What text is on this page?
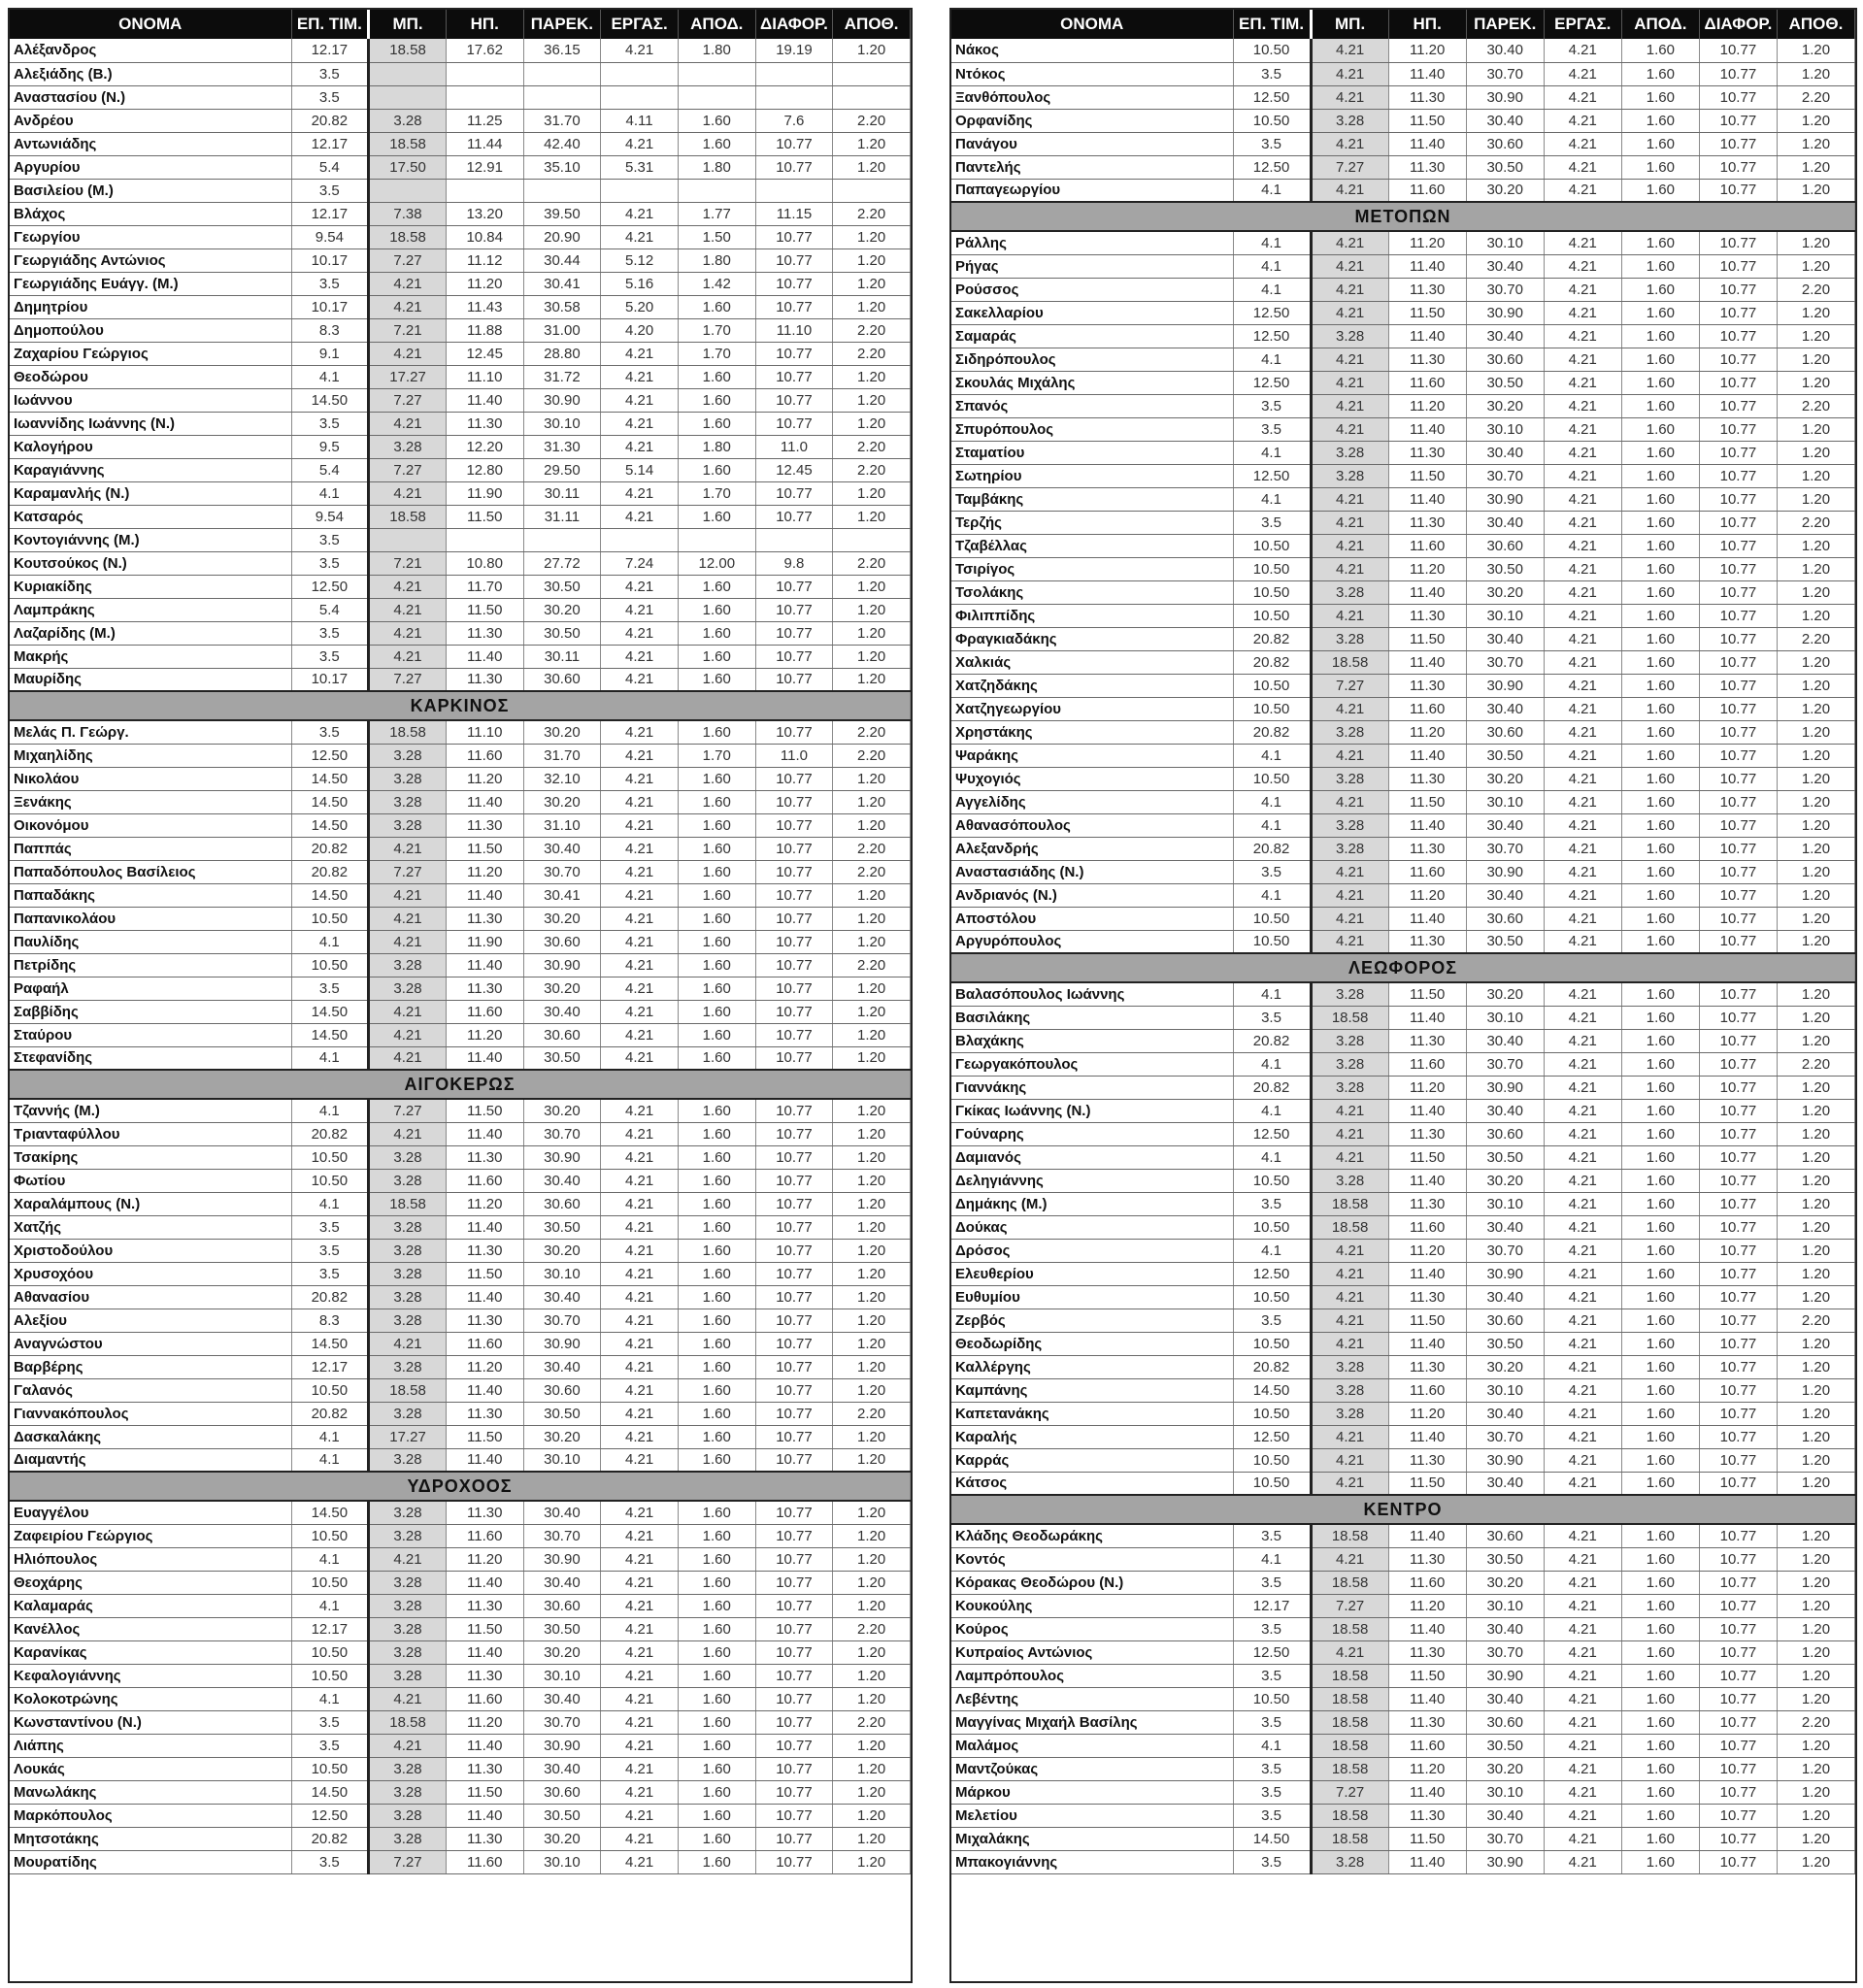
ΟΝΟΜΑ	ΕΠ. ΤΙΜ.	ΜΠ.	ΗΠ.	ΠΑΡΕΚ.	ΕΡΓΑΣ.	ΑΠΟΔ.	ΔΙΑΦΟΡ.	ΑΠΟΘ.
Αλέξανδρος	12.17	18.58	17.62	36.15	4.21	1.80	19.19	1.20
Αλεξιάδης (Β.)	3.5							
Αναστασίου (Ν.)	3.5							
Ανδρέου	20.82	3.28	11.25	31.70	4.11	1.60	7.6	2.20
Αντωνιάδης	12.17	18.58	11.44	42.40	4.21	1.60	10.77	1.20
Αργυρίου	5.4	17.50	12.91	35.10	5.31	1.80	10.77	1.20
Βασιλείου (Μ.)	3.5							
Βλάχος	12.17	7.38	13.20	39.50	4.21	1.77	11.15	2.20
Γεωργίου	9.54	18.58	10.84	20.90	4.21	1.50	10.77	1.20
Γεωργιάδης Αντώνιος	10.17	7.27	11.12	30.44	5.12	1.80	10.77	1.20
Γεωργιάδης Ευάγγ. (Μ.)	3.5	4.21	11.20	30.41	5.16	1.42	10.77	1.20
Δημητρίου	10.17	4.21	11.43	30.58	5.20	1.60	10.77	1.20
Δημοπούλου	8.3	7.21	11.88	31.00	4.20	1.70	11.10	2.20
Ζαχαρίου Γεώργιος	9.1	4.21	12.45	28.80	4.21	1.70	10.77	2.20
Θεοδώρου	4.1	17.27	11.10	31.72	4.21	1.60	10.77	1.20
Ιωάννου	14.50	7.27	11.40	30.90	4.21	1.60	10.77	1.20
Ιωαννίδης Ιωάννης (Ν.)	3.5	4.21	11.30	30.10	4.21	1.60	10.77	1.20
Καλογήρου	9.5	3.28	12.20	31.30	4.21	1.80	11.0	2.20
Καραγιάννης	5.4	7.27	12.80	29.50	5.14	1.60	12.45	2.20
Καραμανλής (Ν.)	4.1	4.21	11.90	30.11	4.21	1.70	10.77	1.20
Κατσαρός	9.54	18.58	11.50	31.11	4.21	1.60	10.77	1.20
Κοντογιάννης (Μ.)	3.5							
Κουτσούκος (Ν.)	3.5	7.21	10.80	27.72	7.24	12.00	9.8	2.20
Κυριακίδης	12.50	4.21	11.70	30.50	4.21	1.60	10.77	1.20
Λαμπράκης	5.4	4.21	11.50	30.20	4.21	1.60	10.77	1.20
Λαζαρίδης (Μ.)	3.5	4.21	11.30	30.50	4.21	1.60	10.77	1.20
Μακρής	3.5	4.21	11.40	30.11	4.21	1.60	10.77	1.20
Μαυρίδης	10.17	7.27	11.30	30.60	4.21	1.60	10.77	1.20
ΚΑΡΚΙΝΟΣ								
Μελάς Π. Γεώργ.	3.5	18.58	11.10	30.20	4.21	1.60	10.77	2.20
Μιχαηλίδης	12.50	3.28	11.60	31.70	4.21	1.70	11.0	2.20
Νικολάου	14.50	3.28	11.20	32.10	4.21	1.60	10.77	1.20
Ξενάκης	14.50	3.28	11.40	30.20	4.21	1.60	10.77	1.20
Οικονόμου	14.50	3.28	11.30	31.10	4.21	1.60	10.77	1.20
Παππάς	20.82	4.21	11.50	30.40	4.21	1.60	10.77	2.20
Παπαδόπουλος Βασίλειος	20.82	7.27	11.20	30.70	4.21	1.60	10.77	2.20
Παπαδάκης	14.50	4.21	11.40	30.41	4.21	1.60	10.77	1.20
Παπανικολάου	10.50	4.21	11.30	30.20	4.21	1.60	10.77	1.20
Παυλίδης	4.1	4.21	11.90	30.60	4.21	1.60	10.77	1.20
Πετρίδης	10.50	3.28	11.40	30.90	4.21	1.60	10.77	2.20
Ραφαήλ	3.5	3.28	11.30	30.20	4.21	1.60	10.77	1.20
Σαββίδης	14.50	4.21	11.60	30.40	4.21	1.60	10.77	1.20
Σταύρου	14.50	4.21	11.20	30.60	4.21	1.60	10.77	1.20
Στεφανίδης	4.1	4.21	11.40	30.50	4.21	1.60	10.77	1.20
ΑΙΓΟΚΕΡΩΣ								
Τζαννής (Μ.)	4.1	7.27	11.50	30.20	4.21	1.60	10.77	1.20
Τριανταφύλλου	20.82	4.21	11.40	30.70	4.21	1.60	10.77	1.20
Τσακίρης	10.50	3.28	11.30	30.90	4.21	1.60	10.77	1.20
Φωτίου	10.50	3.28	11.60	30.40	4.21	1.60	10.77	1.20
Χαραλάμπους (Ν.)	4.1	18.58	11.20	30.60	4.21	1.60	10.77	1.20
Χατζής	3.5	3.28	11.40	30.50	4.21	1.60	10.77	1.20
Χριστοδούλου	3.5	3.28	11.30	30.20	4.21	1.60	10.77	1.20
Χρυσοχόου	3.5	3.28	11.50	30.10	4.21	1.60	10.77	1.20
Αθανασίου	20.82	3.28	11.40	30.40	4.21	1.60	10.77	1.20
Αλεξίου	8.3	3.28	11.30	30.70	4.21	1.60	10.77	1.20
Αναγνώστου	14.50	4.21	11.60	30.90	4.21	1.60	10.77	1.20
Βαρβέρης	12.17	3.28	11.20	30.40	4.21	1.60	10.77	1.20
Γαλανός	10.50	18.58	11.40	30.60	4.21	1.60	10.77	1.20
Γιαννακόπουλος	20.82	3.28	11.30	30.50	4.21	1.60	10.77	2.20
Δασκαλάκης	4.1	17.27	11.50	30.20	4.21	1.60	10.77	1.20
Διαμαντής	4.1	3.28	11.40	30.10	4.21	1.60	10.77	1.20
ΥΔΡΟΧΟΟΣ								
Ευαγγέλου	14.50	3.28	11.30	30.40	4.21	1.60	10.77	1.20
Ζαφειρίου Γεώργιος	10.50	3.28	11.60	30.70	4.21	1.60	10.77	1.20
Ηλιόπουλος	4.1	4.21	11.20	30.90	4.21	1.60	10.77	1.20
Θεοχάρης	10.50	3.28	11.40	30.40	4.21	1.60	10.77	1.20
Καλαμαράς	4.1	3.28	11.30	30.60	4.21	1.60	10.77	1.20
Κανέλλος	12.17	3.28	11.50	30.50	4.21	1.60	10.77	2.20
Καρανίκας	10.50	3.28	11.40	30.20	4.21	1.60	10.77	1.20
Κεφαλογιάννης	10.50	3.28	11.30	30.10	4.21	1.60	10.77	1.20
Κολοκοτρώνης	4.1	4.21	11.60	30.40	4.21	1.60	10.77	1.20
Κωνσταντίνου (Ν.)	3.5	18.58	11.20	30.70	4.21	1.60	10.77	2.20
Λιάπης	3.5	4.21	11.40	30.90	4.21	1.60	10.77	1.20
Λουκάς	10.50	3.28	11.30	30.40	4.21	1.60	10.77	1.20
Μανωλάκης	14.50	3.28	11.50	30.60	4.21	1.60	10.77	1.20
Μαρκόπουλος	12.50	3.28	11.40	30.50	4.21	1.60	10.77	1.20
Μητσοτάκης	20.82	3.28	11.30	30.20	4.21	1.60	10.77	1.20
Μουρατίδης	3.5	7.27	11.60	30.10	4.21	1.60	10.77	1.20
ΟΝΟΜΑ	ΕΠ. ΤΙΜ.	ΜΠ.	ΗΠ.	ΠΑΡΕΚ.	ΕΡΓΑΣ.	ΑΠΟΔ.	ΔΙΑΦΟΡ.	ΑΠΟΘ.
Νάκος	10.50	4.21	11.20	30.40	4.21	1.60	10.77	1.20
Ντόκος	3.5	4.21	11.40	30.70	4.21	1.60	10.77	1.20
Ξανθόπουλος	12.50	4.21	11.30	30.90	4.21	1.60	10.77	2.20
Ορφανίδης	10.50	3.28	11.50	30.40	4.21	1.60	10.77	1.20
Πανάγου	3.5	4.21	11.40	30.60	4.21	1.60	10.77	1.20
Παντελής	12.50	7.27	11.30	30.50	4.21	1.60	10.77	1.20
Παπαγεωργίου	4.1	4.21	11.60	30.20	4.21	1.60	10.77	1.20
ΜΕΤΟΠΩΝ								
Ράλλης	4.1	4.21	11.20	30.10	4.21	1.60	10.77	1.20
Ρήγας	4.1	4.21	11.40	30.40	4.21	1.60	10.77	1.20
Ρούσσος	4.1	4.21	11.30	30.70	4.21	1.60	10.77	2.20
Σακελλαρίου	12.50	4.21	11.50	30.90	4.21	1.60	10.77	1.20
Σαμαράς	12.50	3.28	11.40	30.40	4.21	1.60	10.77	1.20
Σιδηρόπουλος	4.1	4.21	11.30	30.60	4.21	1.60	10.77	1.20
Σκουλάς Μιχάλης	12.50	4.21	11.60	30.50	4.21	1.60	10.77	1.20
Σπανός	3.5	4.21	11.20	30.20	4.21	1.60	10.77	2.20
Σπυρόπουλος	3.5	4.21	11.40	30.10	4.21	1.60	10.77	1.20
Σταματίου	4.1	3.28	11.30	30.40	4.21	1.60	10.77	1.20
Σωτηρίου	12.50	3.28	11.50	30.70	4.21	1.60	10.77	1.20
Ταμβάκης	4.1	4.21	11.40	30.90	4.21	1.60	10.77	1.20
Τερζής	3.5	4.21	11.30	30.40	4.21	1.60	10.77	2.20
Τζαβέλλας	10.50	4.21	11.60	30.60	4.21	1.60	10.77	1.20
Τσιρίγος	10.50	4.21	11.20	30.50	4.21	1.60	10.77	1.20
Τσολάκης	10.50	3.28	11.40	30.20	4.21	1.60	10.77	1.20
Φιλιππίδης	10.50	4.21	11.30	30.10	4.21	1.60	10.77	1.20
Φραγκιαδάκης	20.82	3.28	11.50	30.40	4.21	1.60	10.77	2.20
Χαλκιάς	20.82	18.58	11.40	30.70	4.21	1.60	10.77	1.20
Χατζηδάκης	10.50	7.27	11.30	30.90	4.21	1.60	10.77	1.20
Χατζηγεωργίου	10.50	4.21	11.60	30.40	4.21	1.60	10.77	1.20
Χρηστάκης	20.82	3.28	11.20	30.60	4.21	1.60	10.77	1.20
Ψαράκης	4.1	4.21	11.40	30.50	4.21	1.60	10.77	1.20
Ψυχογιός	10.50	3.28	11.30	30.20	4.21	1.60	10.77	1.20
Αγγελίδης	4.1	4.21	11.50	30.10	4.21	1.60	10.77	1.20
Αθανασόπουλος	4.1	3.28	11.40	30.40	4.21	1.60	10.77	1.20
Αλεξανδρής	20.82	3.28	11.30	30.70	4.21	1.60	10.77	1.20
Αναστασιάδης (Ν.)	3.5	4.21	11.60	30.90	4.21	1.60	10.77	1.20
Ανδριανός (Ν.)	4.1	4.21	11.20	30.40	4.21	1.60	10.77	1.20
Αποστόλου	10.50	4.21	11.40	30.60	4.21	1.60	10.77	1.20
Αργυρόπουλος	10.50	4.21	11.30	30.50	4.21	1.60	10.77	1.20
ΛΕΩΦΟΡΟΣ								
Βαλασόπουλος Ιωάννης	4.1	3.28	11.50	30.20	4.21	1.60	10.77	1.20
Βασιλάκης	3.5	18.58	11.40	30.10	4.21	1.60	10.77	1.20
Βλαχάκης	20.82	3.28	11.30	30.40	4.21	1.60	10.77	1.20
Γεωργακόπουλος	4.1	3.28	11.60	30.70	4.21	1.60	10.77	2.20
Γιαννάκης	20.82	3.28	11.20	30.90	4.21	1.60	10.77	1.20
Γκίκας Ιωάννης (Ν.)	4.1	4.21	11.40	30.40	4.21	1.60	10.77	1.20
Γούναρης	12.50	4.21	11.30	30.60	4.21	1.60	10.77	1.20
Δαμιανός	4.1	4.21	11.50	30.50	4.21	1.60	10.77	1.20
Δεληγιάννης	10.50	3.28	11.40	30.20	4.21	1.60	10.77	1.20
Δημάκης (Μ.)	3.5	18.58	11.30	30.10	4.21	1.60	10.77	1.20
Δούκας	10.50	18.58	11.60	30.40	4.21	1.60	10.77	1.20
Δρόσος	4.1	4.21	11.20	30.70	4.21	1.60	10.77	1.20
Ελευθερίου	12.50	4.21	11.40	30.90	4.21	1.60	10.77	1.20
Ευθυμίου	10.50	4.21	11.30	30.40	4.21	1.60	10.77	1.20
Ζερβός	3.5	4.21	11.50	30.60	4.21	1.60	10.77	2.20
Θεοδωρίδης	10.50	4.21	11.40	30.50	4.21	1.60	10.77	1.20
Καλλέργης	20.82	3.28	11.30	30.20	4.21	1.60	10.77	1.20
Καμπάνης	14.50	3.28	11.60	30.10	4.21	1.60	10.77	1.20
Καπετανάκης	10.50	3.28	11.20	30.40	4.21	1.60	10.77	1.20
Καραλής	12.50	4.21	11.40	30.70	4.21	1.60	10.77	1.20
Καρράς	10.50	4.21	11.30	30.90	4.21	1.60	10.77	1.20
Κάτσος	10.50	4.21	11.50	30.40	4.21	1.60	10.77	1.20
ΚΕΝΤΡΟ								
Κλάδης Θεοδωράκης	3.5	18.58	11.40	30.60	4.21	1.60	10.77	1.20
Κοντός	4.1	4.21	11.30	30.50	4.21	1.60	10.77	1.20
Κόρακας Θεοδώρου (Ν.)	3.5	18.58	11.60	30.20	4.21	1.60	10.77	1.20
Κουκούλης	12.17	7.27	11.20	30.10	4.21	1.60	10.77	1.20
Κούρος	3.5	18.58	11.40	30.40	4.21	1.60	10.77	1.20
Κυπραίος Αντώνιος	12.50	4.21	11.30	30.70	4.21	1.60	10.77	1.20
Λαμπρόπουλος	3.5	18.58	11.50	30.90	4.21	1.60	10.77	1.20
Λεβέντης	10.50	18.58	11.40	30.40	4.21	1.60	10.77	1.20
Μαγγίνας Μιχαήλ Βασίλης	3.5	18.58	11.30	30.60	4.21	1.60	10.77	2.20
Μαλάμος	4.1	18.58	11.60	30.50	4.21	1.60	10.77	1.20
Μαντζούκας	3.5	18.58	11.20	30.20	4.21	1.60	10.77	1.20
Μάρκου	3.5	7.27	11.40	30.10	4.21	1.60	10.77	1.20
Μελετίου	3.5	18.58	11.30	30.40	4.21	1.60	10.77	1.20
Μιχαλάκης	14.50	18.58	11.50	30.70	4.21	1.60	10.77	1.20
Μπακογιάννης	3.5	3.28	11.40	30.90	4.21	1.60	10.77	1.20
